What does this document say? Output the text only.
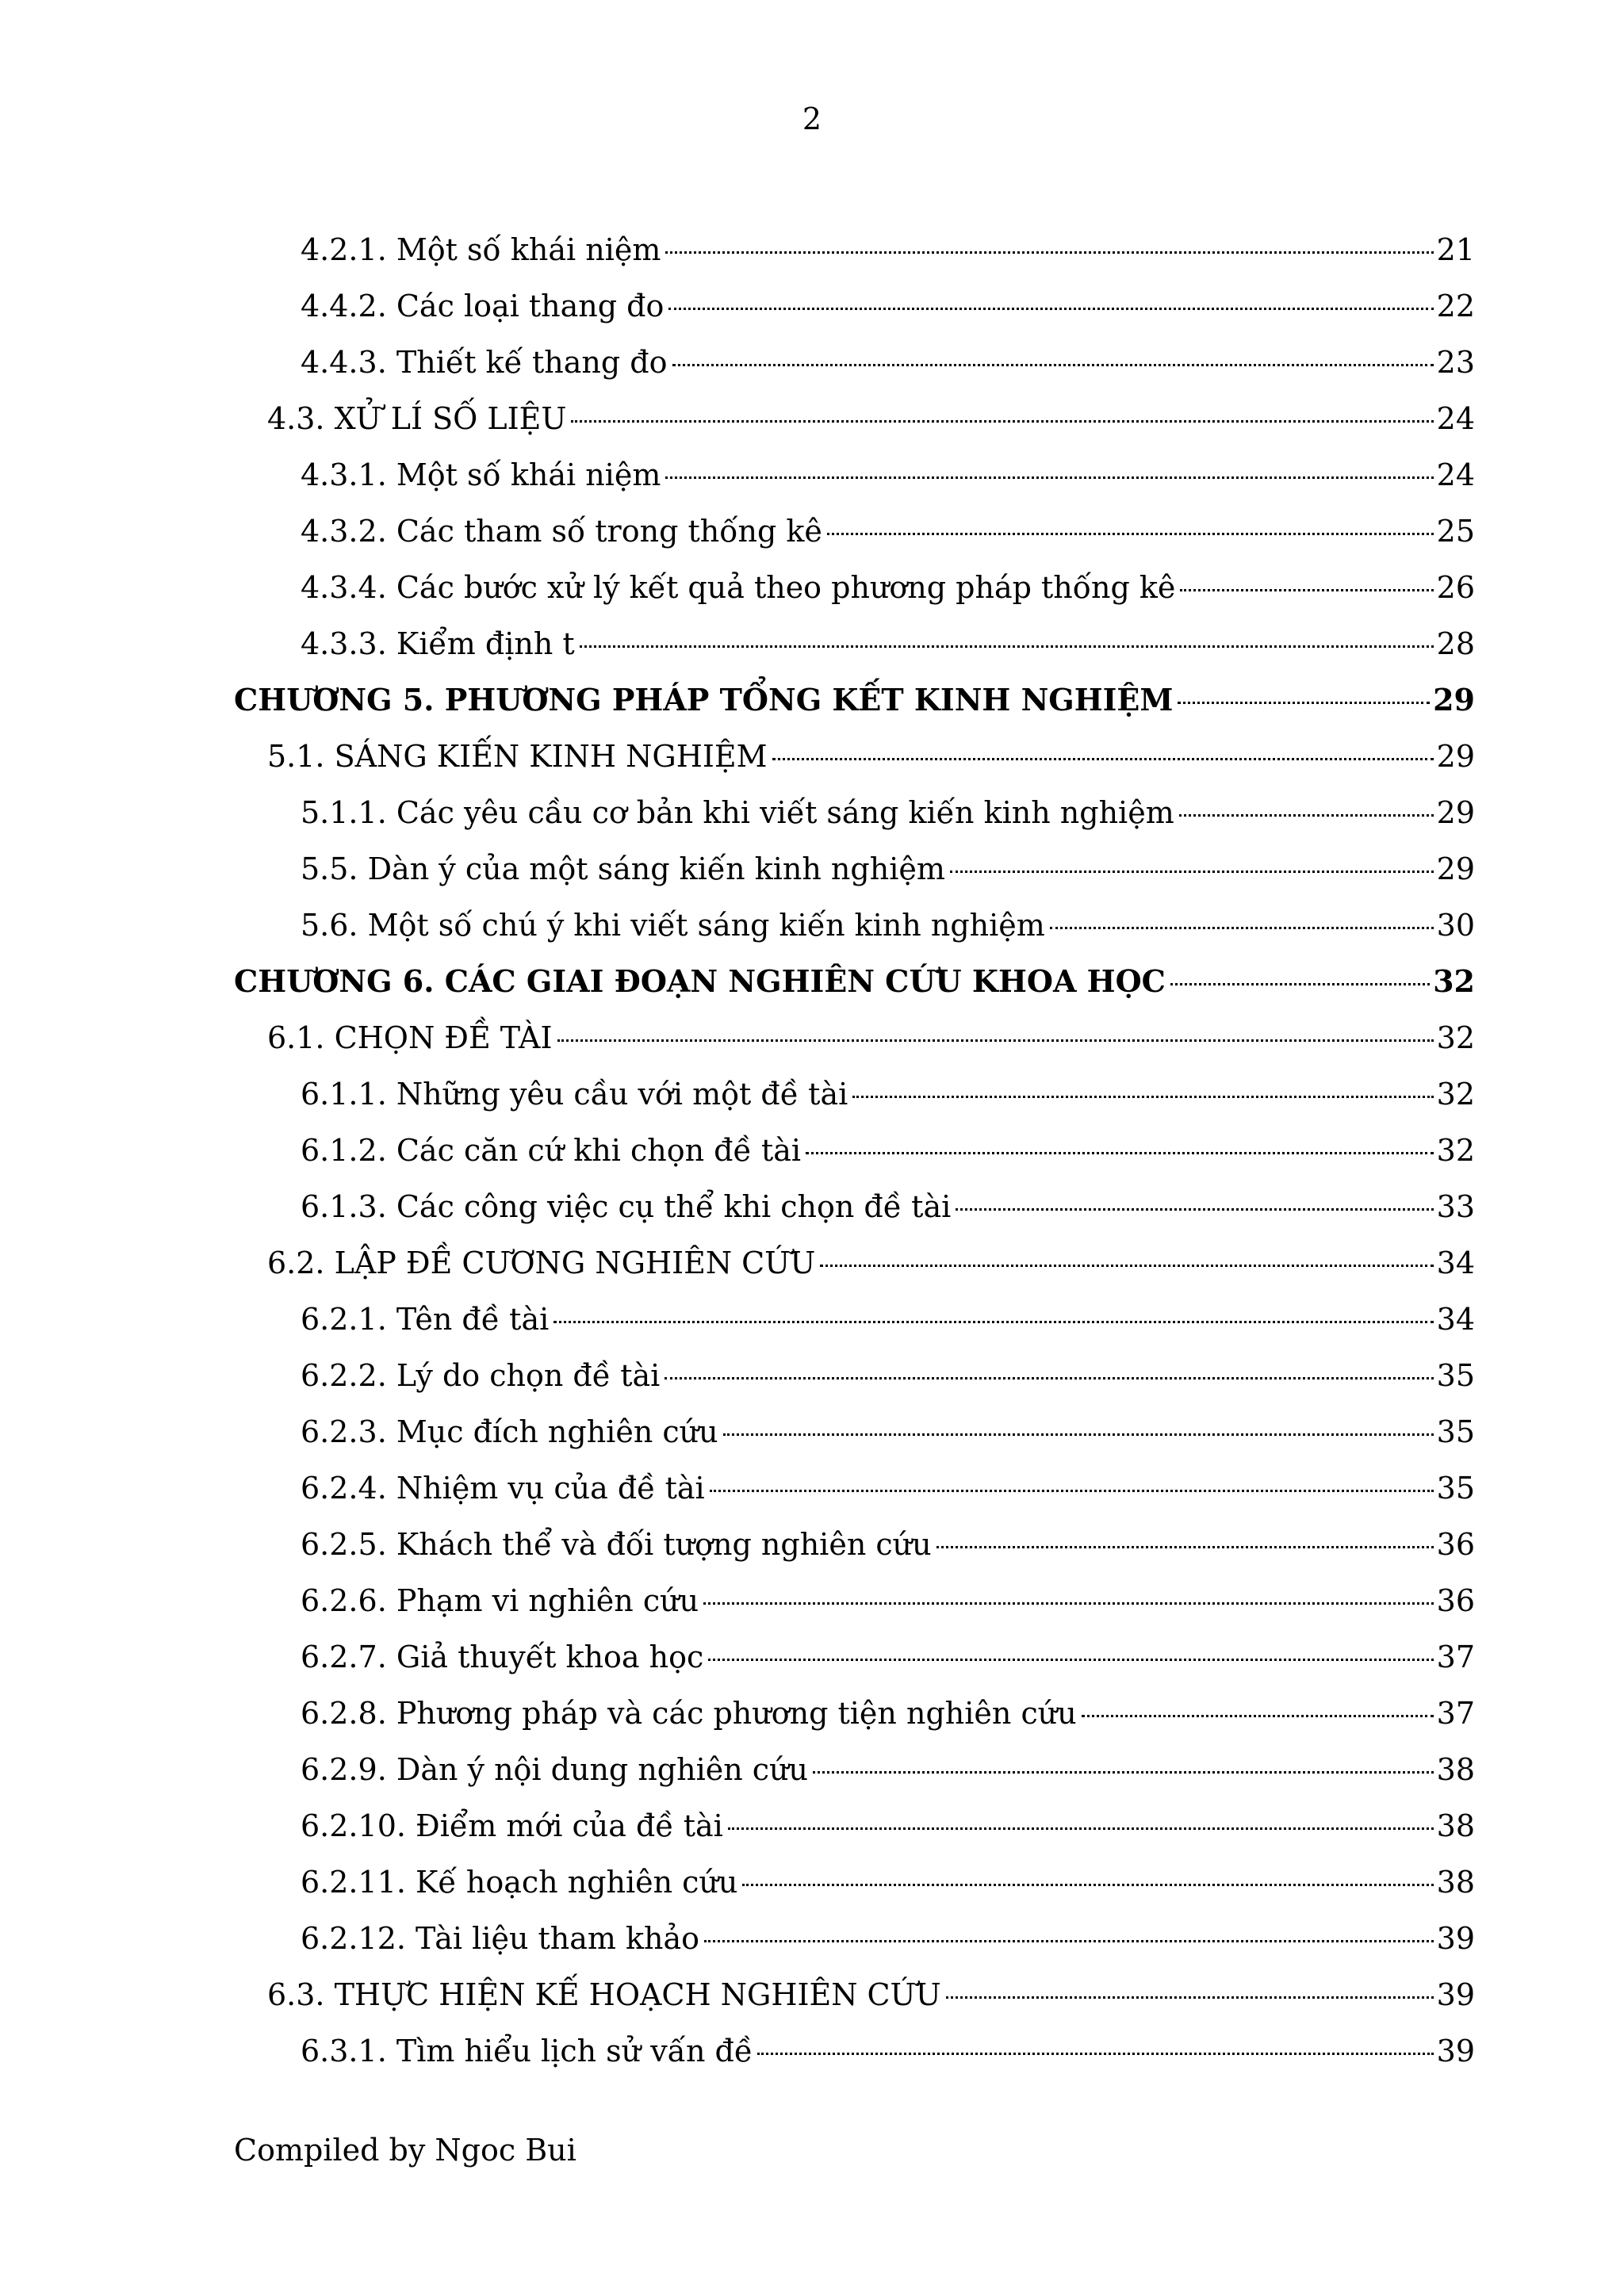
2
4.2.1. Một số khái niệm	21
4.4.2. Các loại thang đo	22
4.4.3. Thiết kế thang đo	23
4.3. XỬ LÍ SỐ LIỆU	24
4.3.1. Một số khái niệm	24
4.3.2. Các tham số trong thống kê	25
4.3.4. Các bước xử lý kết quả theo phương pháp thống kê	26
4.3.3. Kiểm định t	28
CHƯƠNG 5. PHƯƠNG PHÁP TỔNG KẾT KINH NGHIỆM	29
5.1. SÁNG KIẾN KINH NGHIỆM	29
5.1.1. Các yêu cầu cơ bản khi viết sáng kiến kinh nghiệm	29
5.5. Dàn ý của một sáng kiến kinh nghiệm	29
5.6. Một số chú ý khi viết sáng kiến kinh nghiệm	30
CHƯƠNG 6. CÁC GIAI ĐOẠN NGHIÊN CỨU KHOA HỌC	32
6.1. CHỌN ĐỀ TÀI	32
6.1.1. Những yêu cầu với một đề tài	32
6.1.2. Các căn cứ khi chọn đề tài	32
6.1.3. Các công việc cụ thể khi chọn đề tài	33
6.2. LẬP ĐỀ CƯƠNG NGHIÊN CỨU	34
6.2.1. Tên đề tài	34
6.2.2. Lý do chọn đề tài	35
6.2.3. Mục đích nghiên cứu	35
6.2.4. Nhiệm vụ của đề tài	35
6.2.5. Khách thể và đối tượng nghiên cứu	36
6.2.6. Phạm vi nghiên cứu	36
6.2.7. Giả thuyết khoa học	37
6.2.8. Phương pháp và các phương tiện nghiên cứu	37
6.2.9. Dàn ý nội dung nghiên cứu	38
6.2.10. Điểm mới của đề tài	38
6.2.11. Kế hoạch nghiên cứu	38
6.2.12. Tài liệu tham khảo	39
6.3. THỰC HIỆN KẾ HOẠCH NGHIÊN CỨU	39
6.3.1. Tìm hiểu lịch sử vấn đề	39
Compiled by Ngoc Bui
